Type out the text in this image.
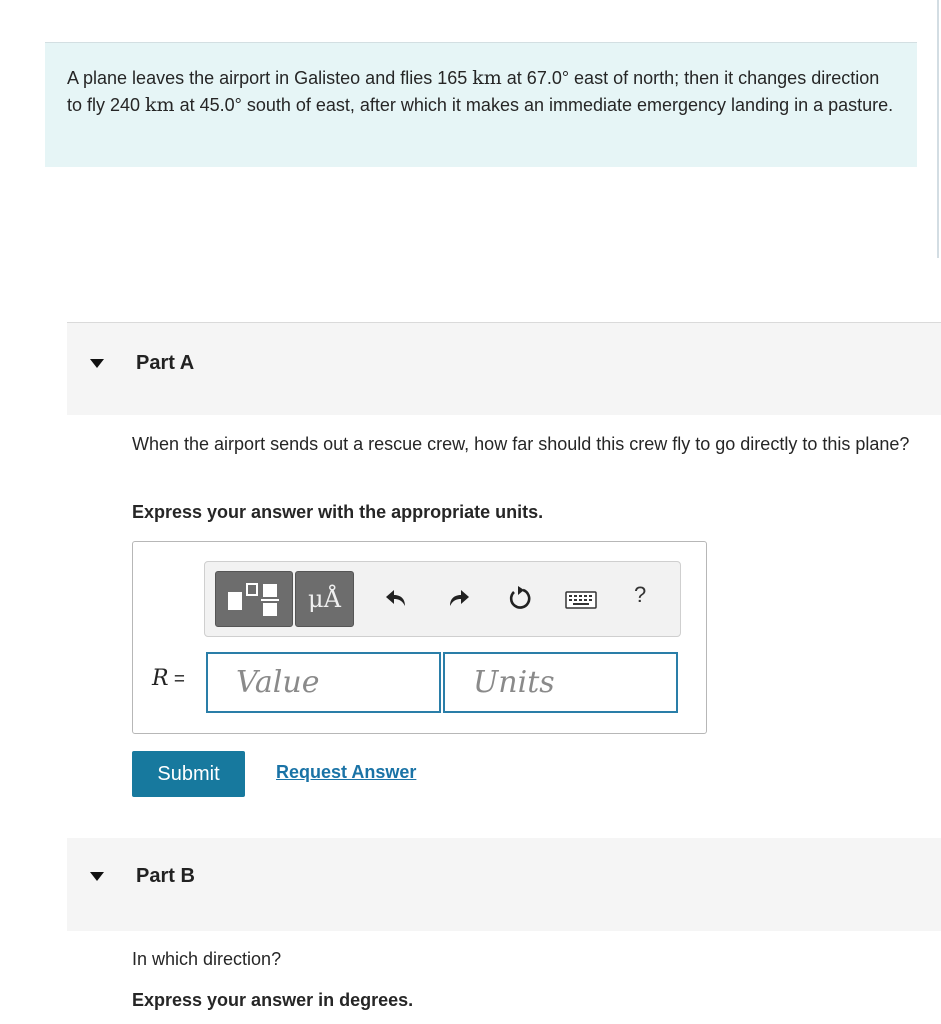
A plane leaves the airport in Galisteo and flies 165 km at 67.0° east of north; then it changes direction to fly 240 km at 45.0° south of east, after which it makes an immediate emergency landing in a pasture.

Part A

When the airport sends out a rescue crew, how far should this crew fly to go directly to this plane?

Express your answer with the appropriate units.

μÅ	?
R =
Value
Units
Submit	Request Answer
Part B

In which direction?

Express your answer in degrees.
